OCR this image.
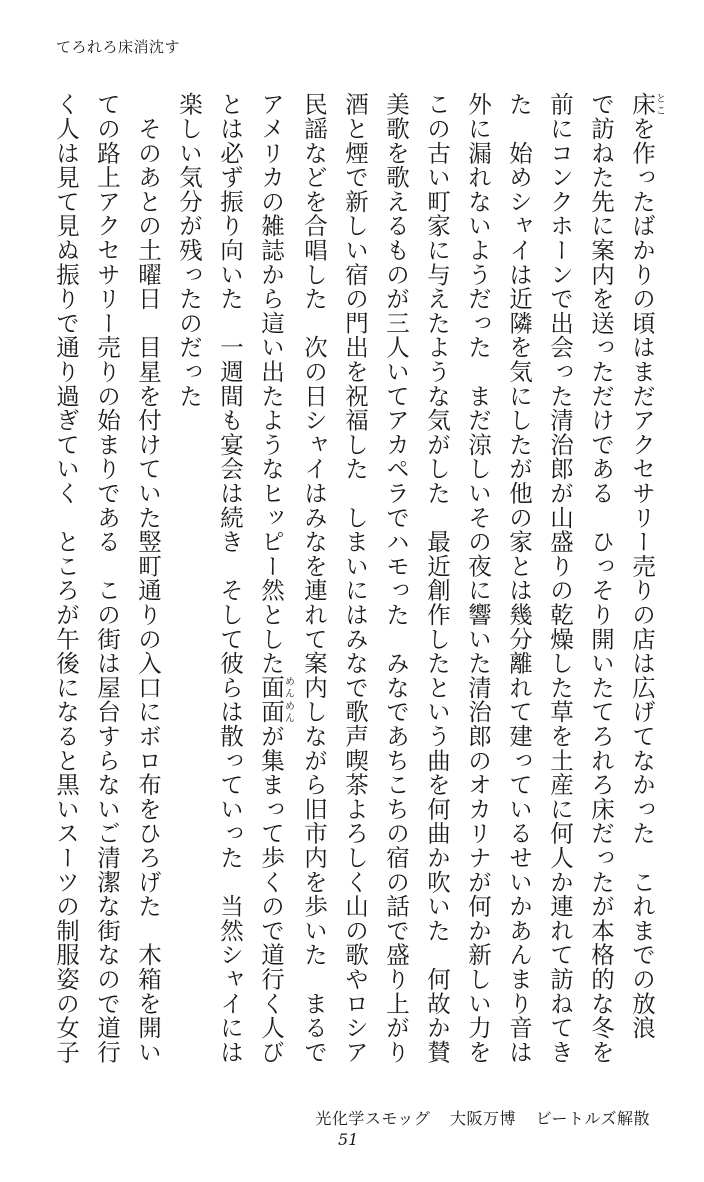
てろれろ床消沈す
床とこを作ったばかりの頃はまだアクセサリー売りの店は広げてなかった　これまでの放浪
で訪ねた先に案内を送っただけである　ひっそり開いたてろれろ床だったが本格的な冬を
前にコンクホーンで出会った清治郎が山盛りの乾燥した草を土産に何人か連れて訪ねてき
た　始めシャイは近隣を気にしたが他の家とは幾分離れて建っているせいかあんまり音は
外に漏れないようだった　まだ涼しいその夜に響いた清治郎のオカリナが何か新しい力を
この古い町家に与えたような気がした　最近創作したという曲を何曲か吹いた　何故か賛
美歌を歌えるものが三人いてアカペラでハモった　みなであちこちの宿の話で盛り上がり
酒と煙で新しい宿の門出を祝福した　しまいにはみなで歌声喫茶よろしく山の歌やロシア
民謡などを合唱した　次の日シャイはみなを連れて案内しながら旧市内を歩いた　まるで
アメリカの雑誌から這い出たようなヒッピー然とした面面めんめんが集まって歩くので道行く人び
とは必ず振り向いた　一週間も宴会は続き　そして彼らは散っていった　当然シャイには
楽しい気分が残ったのだった
　そのあとの土曜日　目星を付けていた竪町通りの入口にボロ布をひろげた　木箱を開い
ての路上アクセサリー売りの始まりである　この街は屋台すらないご清潔な街なので道行
く人は見て見ぬ振りで通り過ぎていく　ところが午後になると黒いスーツの制服姿の女子
光化学スモッグ 大阪万博 ビートルズ解散
51
